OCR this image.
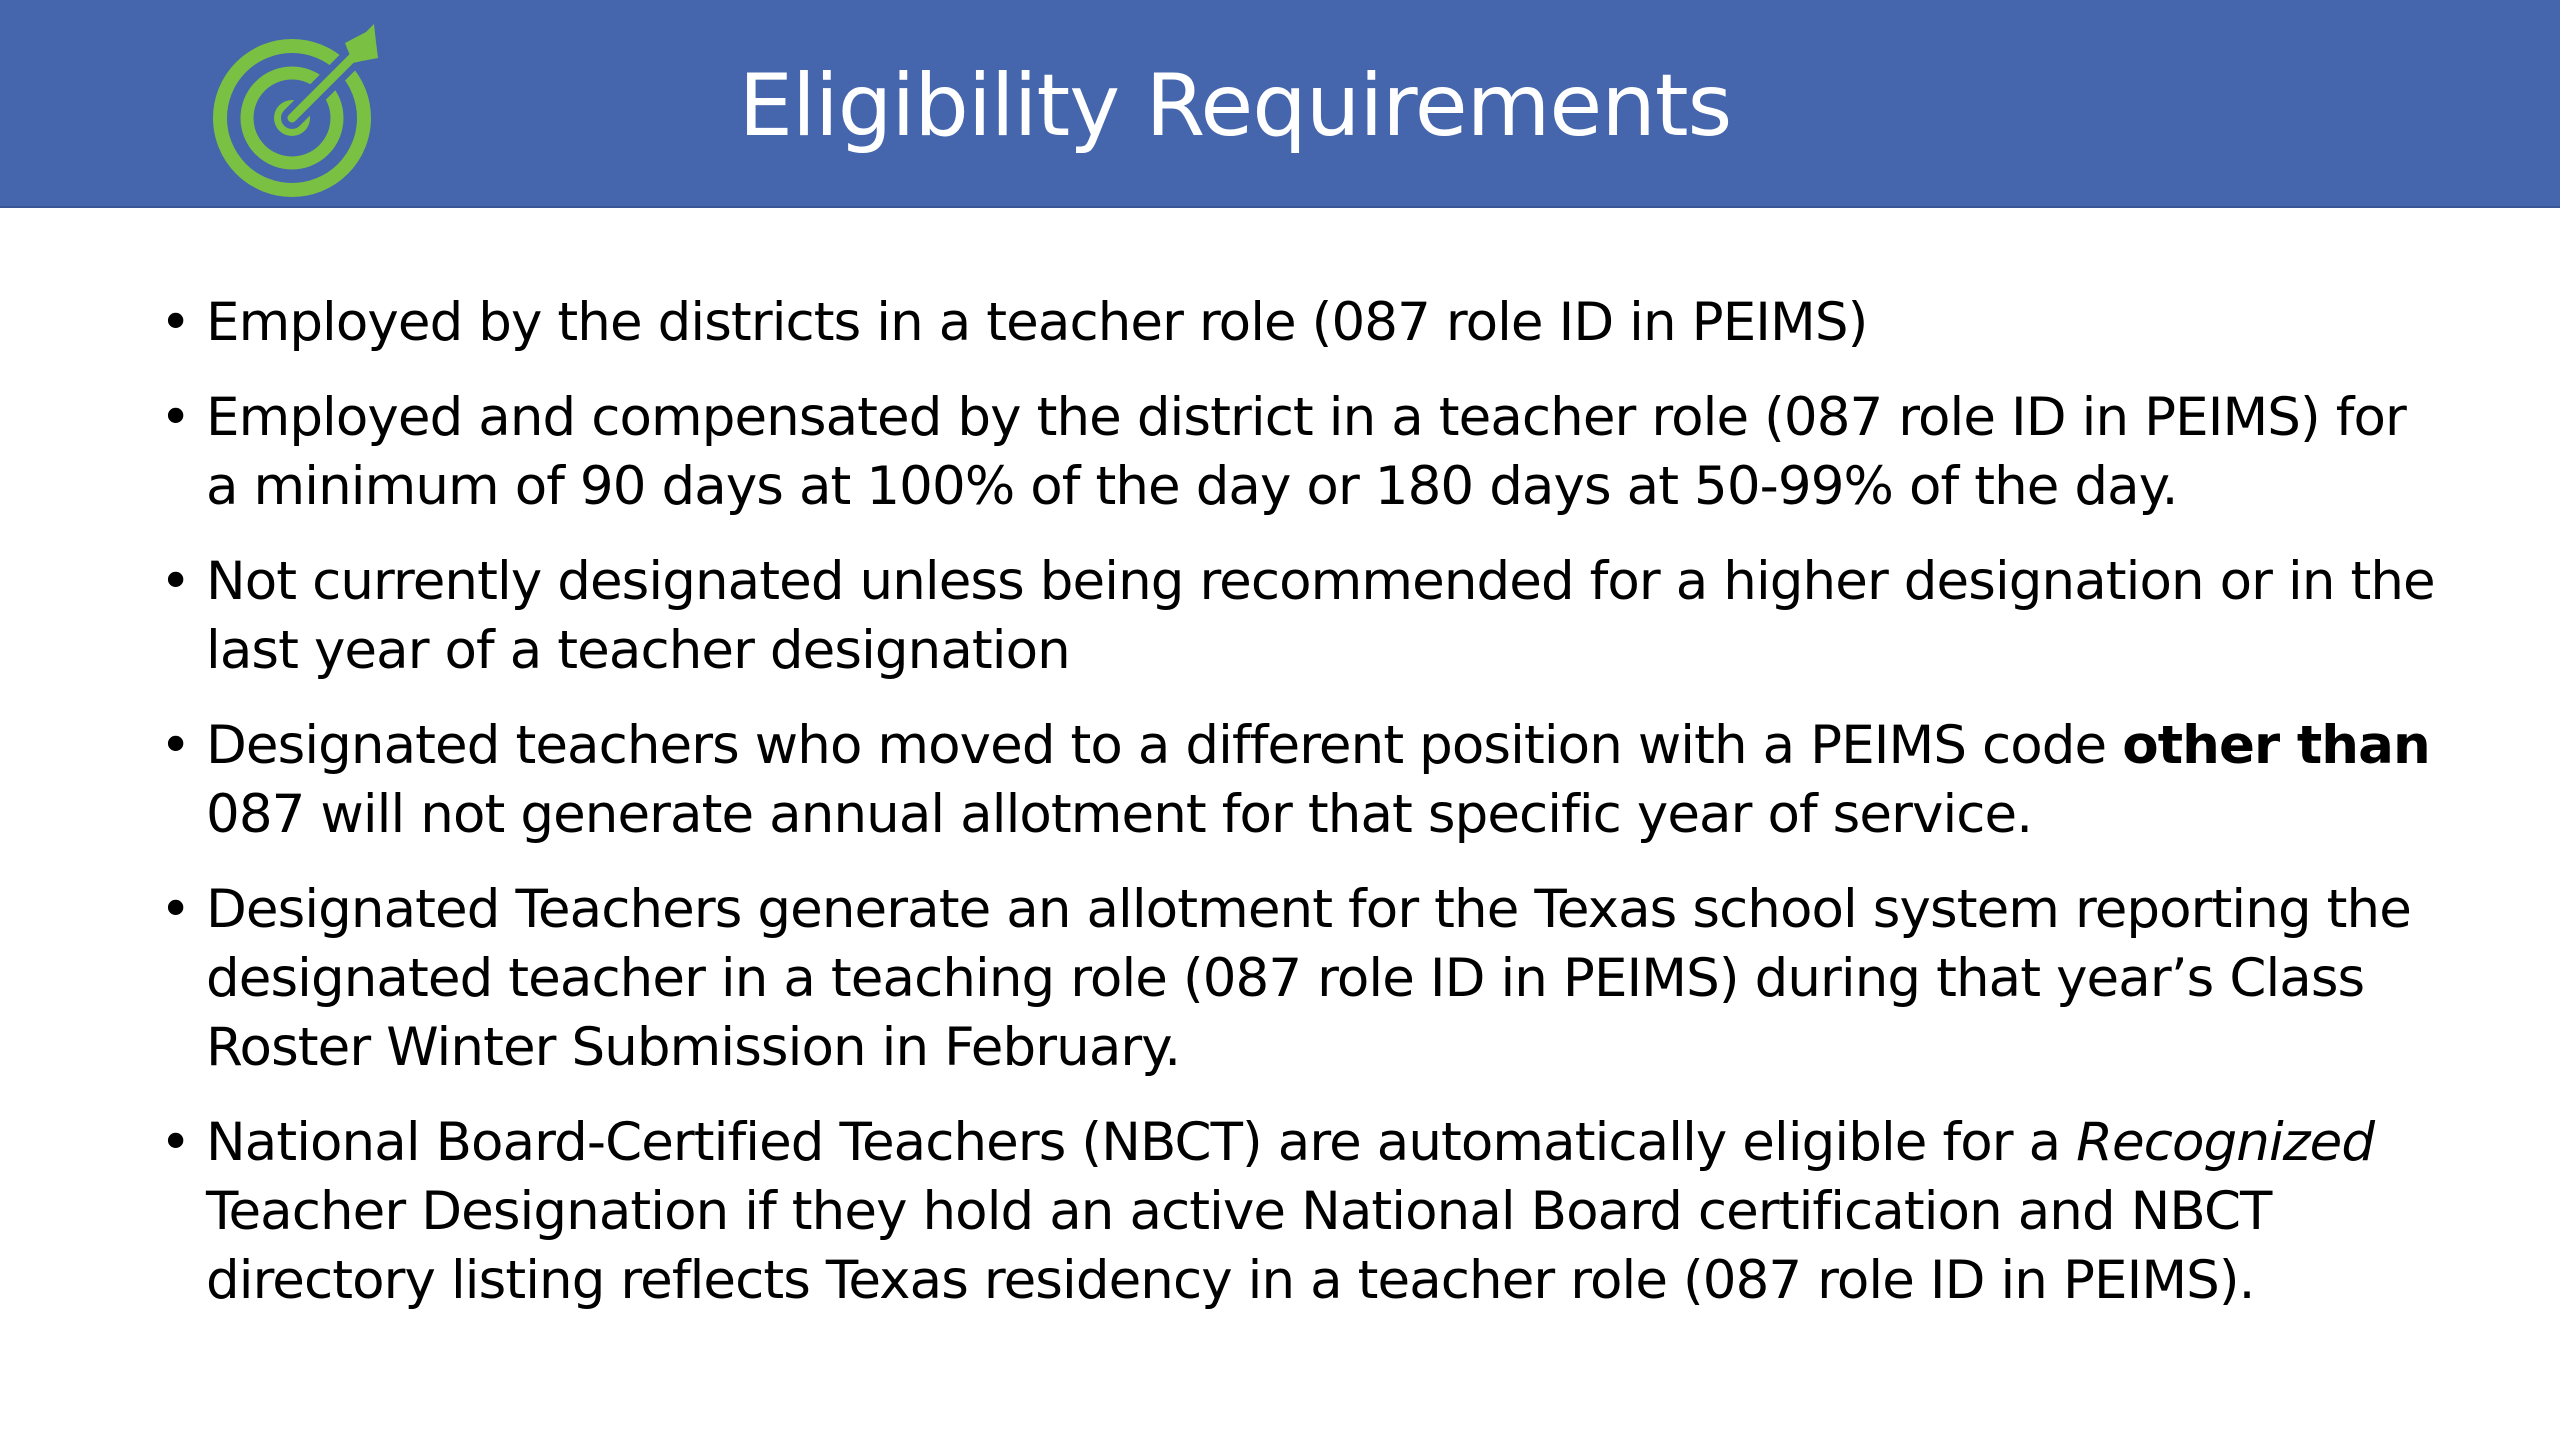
Eligibility Requirements
• Employed by the districts in a teacher role (087 role ID in PEIMS)
• Employed and compensated by the district in a teacher role (087 role ID in PEIMS) for a minimum of 90 days at 100% of the day or 180 days at 50-99% of the day.
• Not currently designated unless being recommended for a higher designation or in the last year of a teacher designation
• Designated teachers who moved to a different position with a PEIMS code other than 087 will not generate annual allotment for that specific year of service.
• Designated Teachers generate an allotment for the Texas school system reporting the designated teacher in a teaching role (087 role ID in PEIMS) during that year’s Class Roster Winter Submission in February.
• National Board-Certified Teachers (NBCT) are automatically eligible for a Recognized Teacher Designation if they hold an active National Board certification and NBCT directory listing reflects Texas residency in a teacher role (087 role ID in PEIMS).
